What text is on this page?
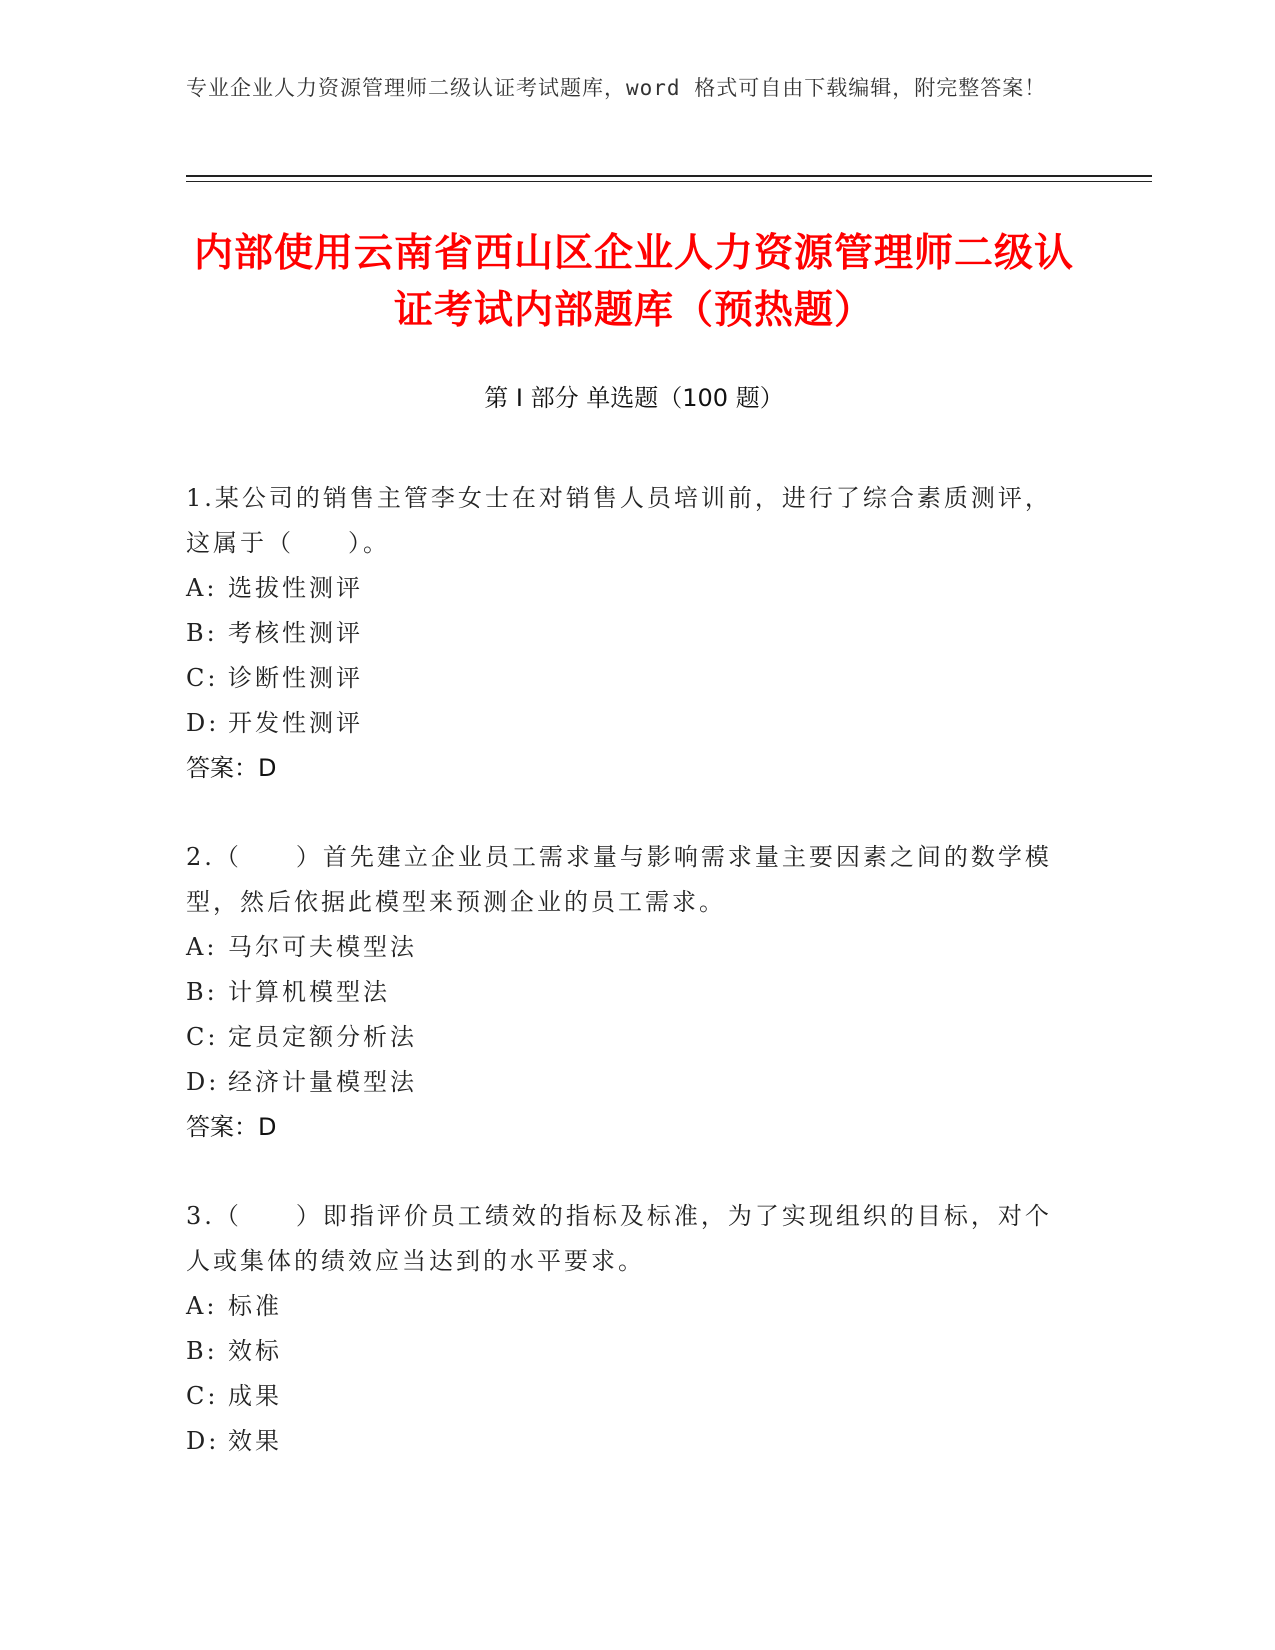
专业企业人力资源管理师二级认证考试题库，word 格式可自由下载编辑，附完整答案！
内部使用云南省西山区企业人力资源管理师二级认证考试内部题库（预热题）
第 I 部分 单选题（100 题）
1.某公司的销售主管李女士在对销售人员培训前，进行了综合素质测评，这属于（　　）。
A: 选拔性测评
B: 考核性测评
C: 诊断性测评
D: 开发性测评
答案：D
2.（　　）首先建立企业员工需求量与影响需求量主要因素之间的数学模型，然后依据此模型来预测企业的员工需求。
A: 马尔可夫模型法
B: 计算机模型法
C: 定员定额分析法
D: 经济计量模型法
答案：D
3.（　　）即指评价员工绩效的指标及标准，为了实现组织的目标，对个人或集体的绩效应当达到的水平要求。
A: 标准
B: 效标
C: 成果
D: 效果
